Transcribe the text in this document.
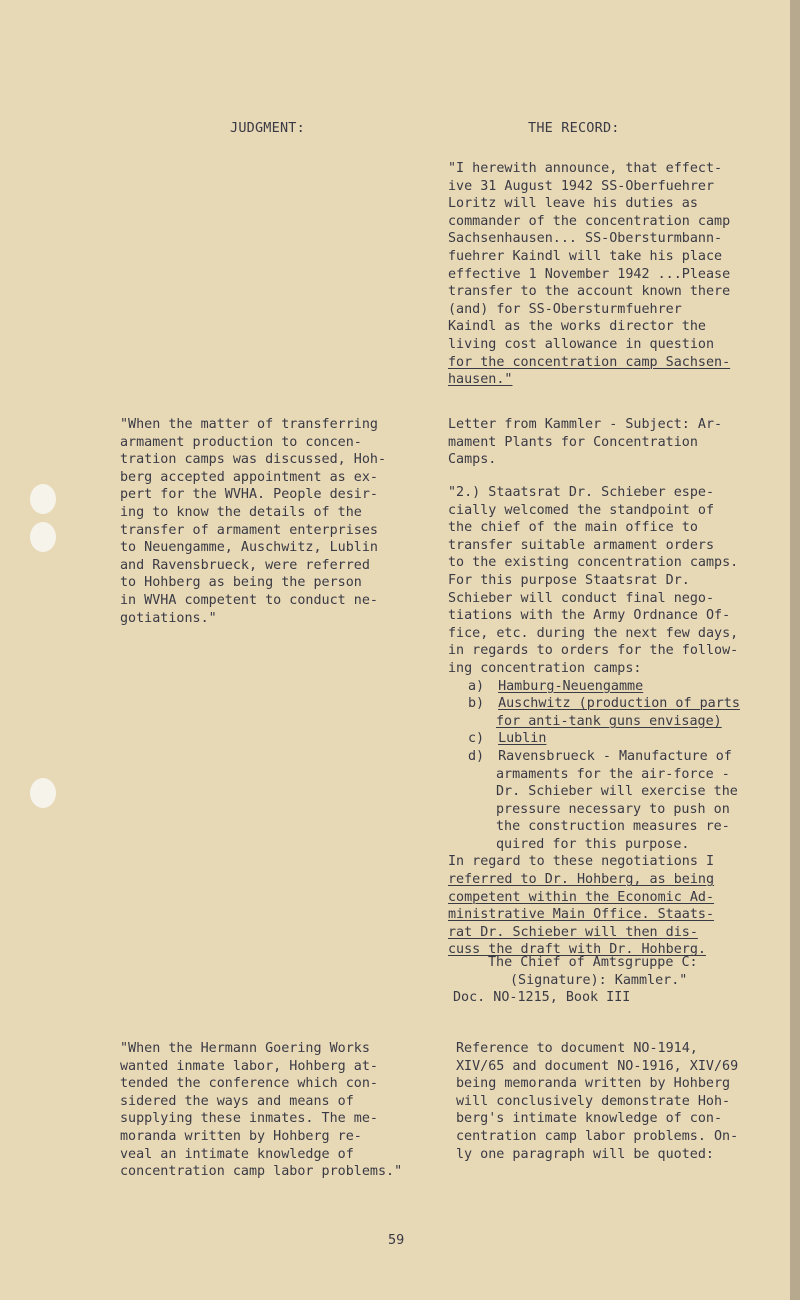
JUDGMENT:	THE RECORD:
"I herewith announce, that effect-
ive 31 August 1942 SS-Oberfuehrer
Loritz will leave his duties as
commander of the concentration camp
Sachsenhausen... SS-Obersturmbann-
fuehrer Kaindl will take his place
effective 1 November 1942 ...Please
transfer to the account known there
(and) for SS-Obersturmfuehrer
Kaindl as the works director the
living cost allowance in question
for the concentration camp Sachsen-
hausen."
"When the matter of transferring
armament production to concen-
tration camps was discussed, Hoh-
berg accepted appointment as ex-
pert for the WVHA. People desir-
ing to know the details of the
transfer of armament enterprises
to Neuengamme, Auschwitz, Lublin
and Ravensbrueck, were referred
to Hohberg as being the person
in WVHA competent to conduct ne-
gotiations."
Letter from Kammler - Subject: Ar-
mament Plants for Concentration
Camps.
"2.) Staatsrat Dr. Schieber espe-
cially welcomed the standpoint of
the chief of the main office to
transfer suitable armament orders
to the existing concentration camps.
For this purpose Staatsrat Dr.
Schieber will conduct final nego-
tiations with the Army Ordnance Of-
fice, etc. during the next few days,
in regards to orders for the follow-
ing concentration camps:
a) Hamburg-Neuengamme
b) Auschwitz (production of parts
for anti-tank guns envisage)
c) Lublin
d) Ravensbrueck - Manufacture of
armaments for the air-force -
Dr. Schieber will exercise the
pressure necessary to push on
the construction measures re-
quired for this purpose.
In regard to these negotiations I
referred to Dr. Hohberg, as being
competent within the Economic Ad-
ministrative Main Office. Staats-
rat Dr. Schieber will then dis-
cuss the draft with Dr. Hohberg.
The Chief of Amtsgruppe C:
(Signature): Kammler."
Doc. NO-1215, Book III
"When the Hermann Goering Works
wanted inmate labor, Hohberg at-
tended the conference which con-
sidered the ways and means of
supplying these inmates. The me-
moranda written by Hohberg re-
veal an intimate knowledge of
concentration camp labor problems."
Reference to document NO-1914,
XIV/65 and document NO-1916, XIV/69
being memoranda written by Hohberg
will conclusively demonstrate Hoh-
berg's intimate knowledge of con-
centration camp labor problems. On-
ly one paragraph will be quoted:
59
